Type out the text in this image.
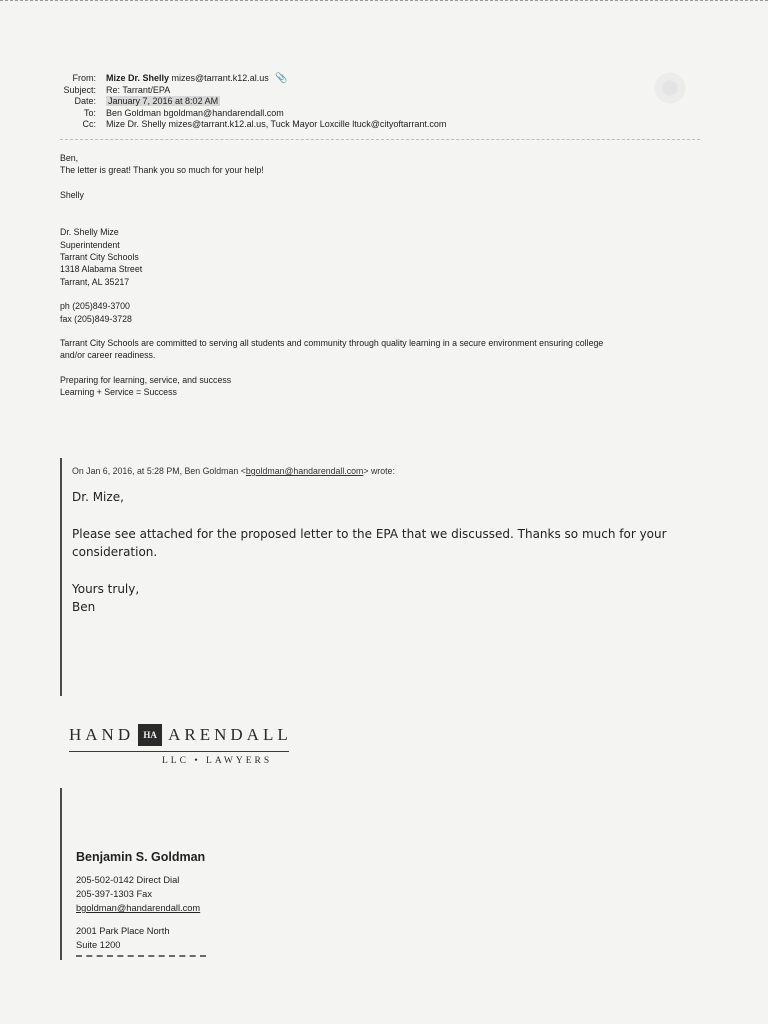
From: Mize Dr. Shelly mizes@tarrant.k12.al.us 📎
Subject: Re: Tarrant/EPA
Date: January 7, 2016 at 8:02 AM
To: Ben Goldman bgoldman@handarendall.com
Cc: Mize Dr. Shelly mizes@tarrant.k12.al.us, Tuck Mayor Loxcille ltuck@cityoftarrant.com

Ben,

The letter is great! Thank you so much for your help!

Shelly

Dr. Shelly Mize

Superintendent

Tarrant City Schools

1318 Alabama Street

Tarrant, AL 35217

ph (205)849-3700

fax (205)849-3728

Tarrant City Schools are committed to serving all students and community through quality learning in a secure environment ensuring college

and/or career readiness.

Preparing for learning, service, and success

Learning + Service = Success

On Jan 6, 2016, at 5:28 PM, Ben Goldman <bgoldman@handarendall.com> wrote:

Dr. Mize,

Please see attached for the proposed letter to the EPA that we discussed. Thanks so much for your consideration.

Yours truly,

Ben

HAND	HA ARENDALL
LLC • LAWYERS
Benjamin S. Goldman
205-502-0142 Direct Dial
205-397-1303 Fax
bgoldman@handarendall.com
2001 Park Place North
Suite 1200
